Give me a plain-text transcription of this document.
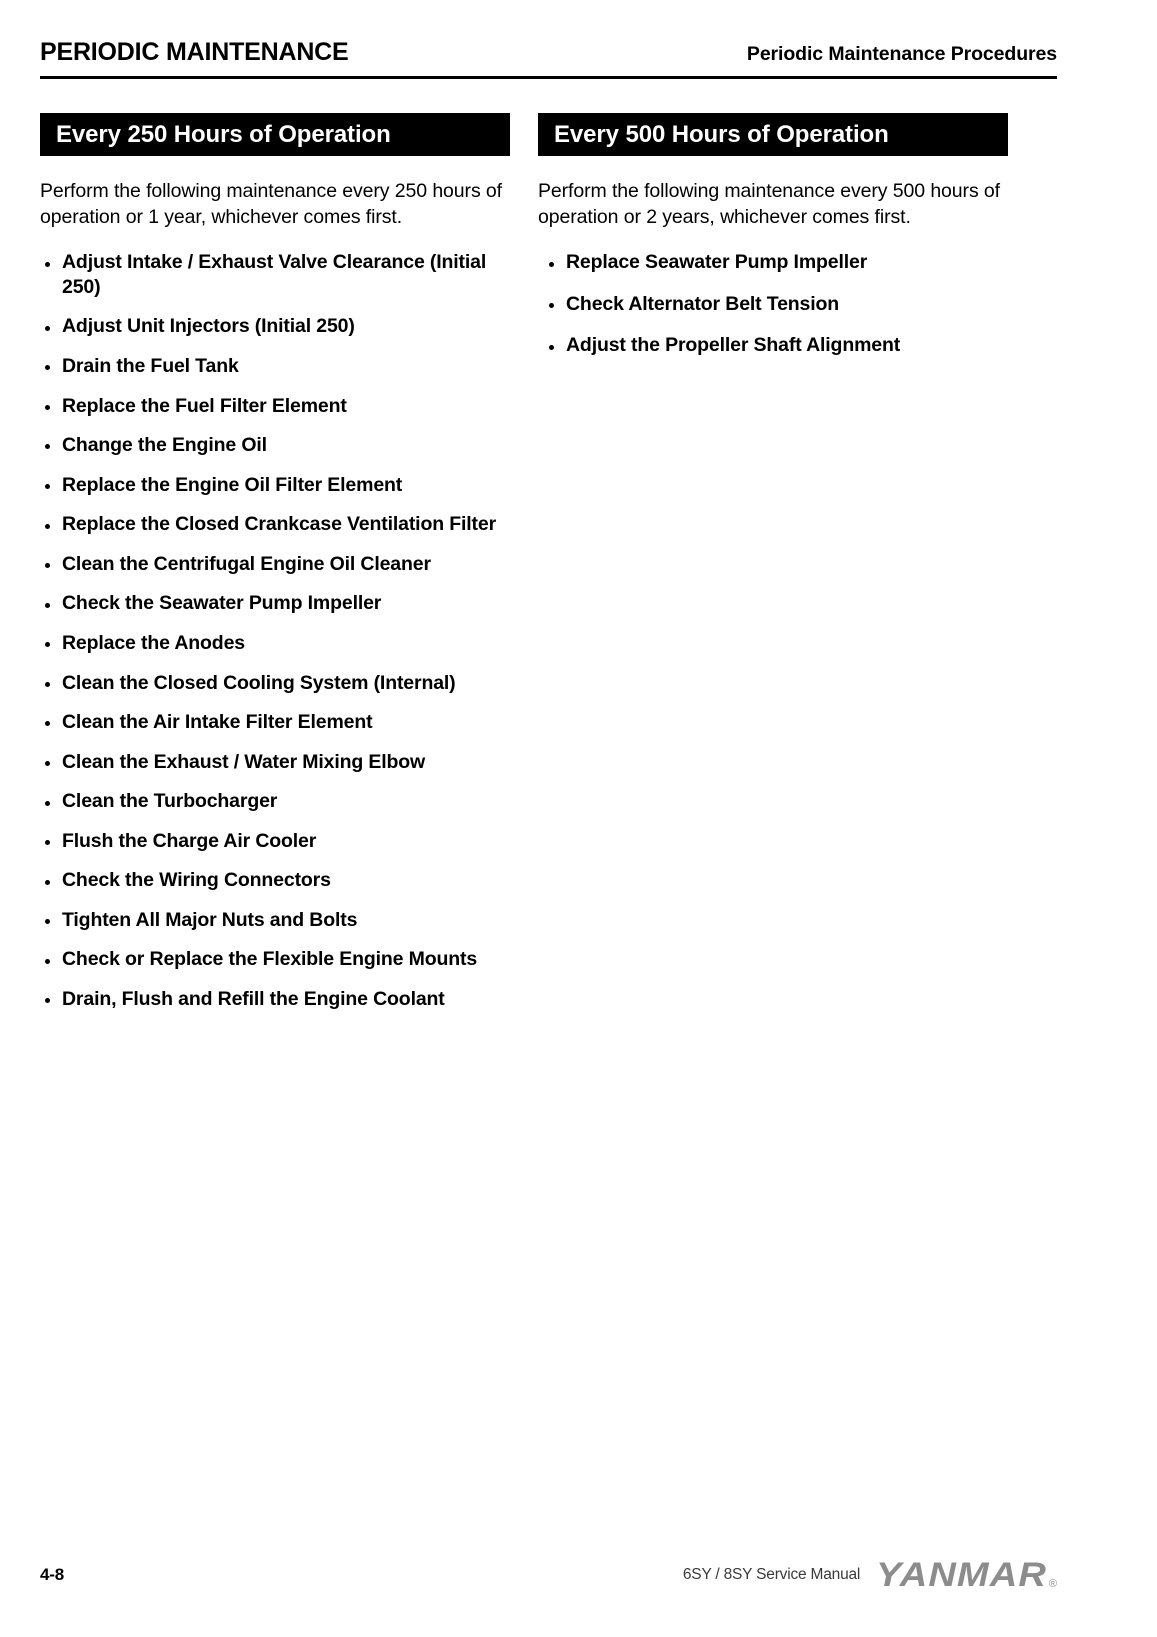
PERIODIC MAINTENANCE	Periodic Maintenance Procedures
Every 250 Hours of Operation

Perform the following maintenance every 250 hours of operation or 1 year, whichever comes first.

Adjust Intake / Exhaust Valve Clearance (Initial 250)
Adjust Unit Injectors (Initial 250)
Drain the Fuel Tank
Replace the Fuel Filter Element
Change the Engine Oil
Replace the Engine Oil Filter Element
Replace the Closed Crankcase Ventilation Filter
Clean the Centrifugal Engine Oil Cleaner
Check the Seawater Pump Impeller
Replace the Anodes
Clean the Closed Cooling System (Internal)
Clean the Air Intake Filter Element
Clean the Exhaust / Water Mixing Elbow
Clean the Turbocharger
Flush the Charge Air Cooler
Check the Wiring Connectors
Tighten All Major Nuts and Bolts
Check or Replace the Flexible Engine Mounts
Drain, Flush and Refill the Engine Coolant
Every 500 Hours of Operation

Perform the following maintenance every 500 hours of operation or 2 years, whichever comes first.

Replace Seawater Pump Impeller
Check Alternator Belt Tension
Adjust the Propeller Shaft Alignment
4-8	6SY / 8SY Service Manual YANMAR ®
